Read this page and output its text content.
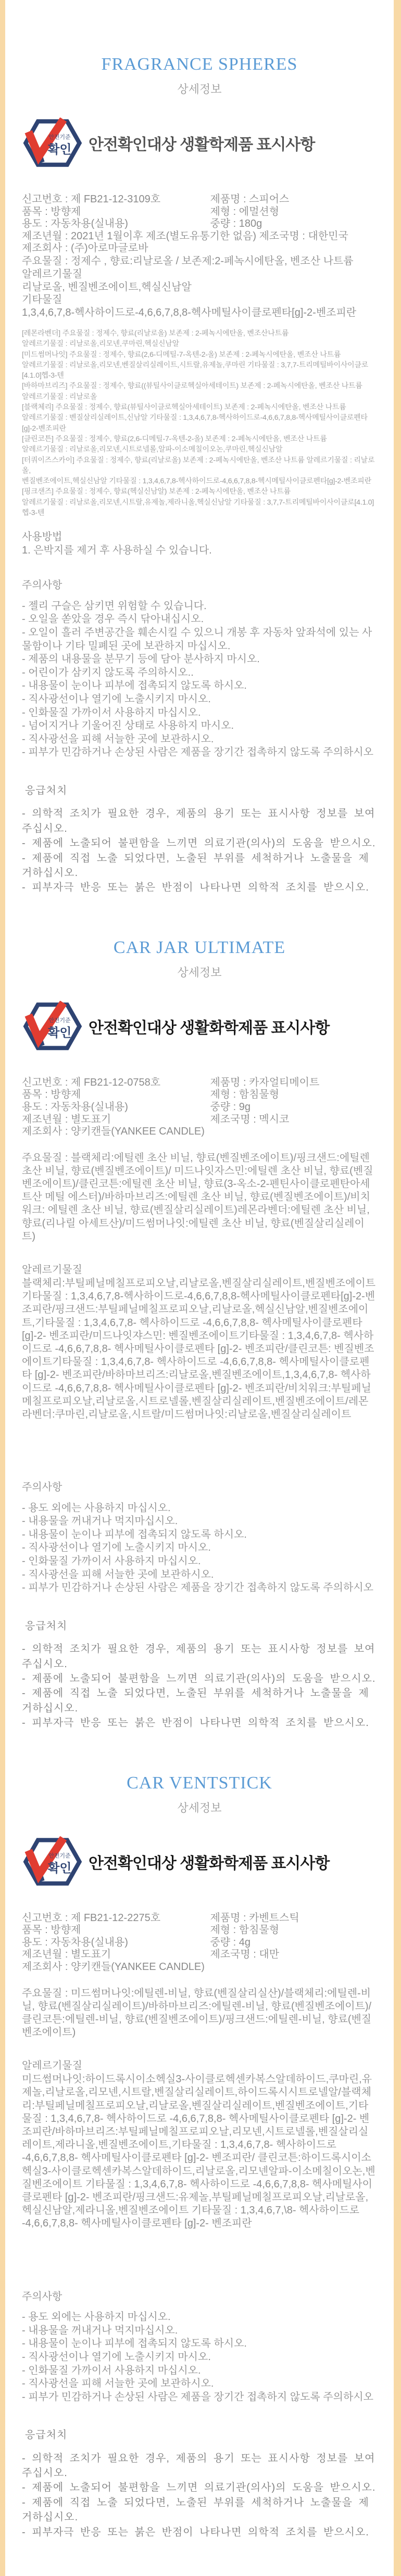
FRAGRANCE SPHERES
상세정보
안전기준
확인 안전확인대상 생활학제품 표시사항
신고번호 : 제 FB21-12-3109호	제품명 : 스피어스
품목 : 방향제	제형 : 에멀션형
용도 : 자동차용(실내용)	중량 : 180g
제조년월 : 2021년 1월이후 제조(별도유통기한 없음) 제조국명 : 대한민국
제조회사 : (주)아로마글로바
주요물질 : 정제수 , 향료:리날로올 / 보존제:2-페녹시에탄올, 벤조산 나트륨
알레르기물질
리날로올, 벤질벤조에이트,헥실신남알
기타물질
1,3,4,6,7,8-헥사하이드로-4,6,6,7,8,8-헥사메틸사이클로펜타[g]-2-벤조피란
[레몬라벤더] 주요물질 : 정제수, 향료(리날로올) 보존제 : 2-페녹시에탄올, 벤조산나트륨
알레르기물질 : 리날로올,리모넨,쿠마린,헥실신남알
[미드썸머나잇] 주요물질 : 정제수, 향료(2,6-디메틸-7-옥텐-2-올) 보존제 : 2-페녹시에탄올, 벤조산 나트륨
알레르기물질 : 리날로올,리모넨,벤질살리실레이트,시트랄,유제놀,쿠마린 기타물질 : 3,7,7-트리메틸바이사이클로[4.1.0]헵-3-텐
[바하마브리즈] 주요물질 : 정제수, 향료((뷰틸사이클로헥실아세테이트) 보존제 : 2-페녹시에탄올, 벤조산 나트륨
알레르기물질 : 리날로올
[블랙체리] 주요물질 : 정제수, 향료(뷰틸사이클로헥실아세테이트) 보존제 : 2-페녹시에탄올, 벤조산 나트륨
알레르기물질 : 벤질살리실레이트,신남알 기타물질 : 1,3,4,6,7,8-헥사하이드로-4,6,6,7,8,8-헥사메틸사이클로펜타[g]-2-벤조피란
[클린코튼] 주요물질 : 정제수, 향료(2,6-디메틸-7-옥텐-2-올) 보존제 : 2-페녹시에탄올, 벤조산 나트륨
알레르기물질 : 리날로올,리모넨,시트로넬롤,알파-이소메칠이오논,쿠마린,헥실신남알
[터쿼이즈스카이] 주요물질 : 정제수, 향료(리날로올) 보존제 : 2-페녹시에탄올, 벤조산 나트륨 알레르기물질 : 리날로올,
벤질벤조에이트,헥실신남알 기타물질 : 1,3,4,6,7,8-헥사하이드로-4,6,6,7,8,8-헥시메틸사이클로펜타[g]-2-벤조피란
[핑크샌즈] 주요물질 : 정제수, 향료(헥실신남알) 보존제 : 2-페녹시에탄올, 벤조산 나트륨
알레르기물질 : 리날로올,리모넨,시트랄,유제놀,제라니올,헥실신남알 기타물질 : 3,7,7-트리메틸바이사이클로[4.1.0]헵-3-텐
사용방법
1. 은박지를 제거 후 사용하실 수 있습니다.
주의사항
- 젤리 구슬은 삼키면 위험할 수 있습니다.
- 오일을 쏟았을 경우 즉시 닦아내십시오.
- 오일이 흘러 주변공간을 훼손시킬 수 있으니 개봉 후 자동차 앞좌석에 있는 사물함이나 기타 밀폐된 곳에 보관하지 마십시오.
- 제품의 내용물을 분무기 등에 담아 분사하지 마시오.
- 어린이가 삼키지 않도록 주의하시오..
- 내용물이 눈이나 피부에 접촉되지 않도록 하시오.
- 직사광선이나 열기에 노출시키지 마시오.
- 인화물질 가까이서 사용하지 마십시오.
- 넘어지거나 기울어진 상태로 사용하지 마시오.
- 직사광선을 피해 서늘한 곳에 보관하시오.
- 피부가 민감하거나 손상된 사람은 제품을 장기간 접촉하지 않도록 주의하시오
응급처치
- 의학적 조치가 필요한 경우, 제품의 용기 또는 표시사항 정보를 보여주십시오.
- 제품에 노출되어 불편함을 느끼면 의료기관(의사)의 도움을 받으시오.
- 제품에 직접 노출 되었다면, 노출된 부위를 세척하거나 노출물을 제거하십시오.
- 피부자극 반응 또는 붉은 반점이 나타나면 의학적 조치를 받으시오.
CAR JAR ULTIMATE
상세정보
안전기준
확인 안전확인대상 생활화학제품 표시사항
신고번호 : 제 FB21-12-0758호	제품명 : 카자얼티메이트
품목 : 방향제	제형 : 함침물형
용도 : 자동차용(실내용)	중량 : 9g
제조년월 : 별도표기	제조국명 : 멕시코
제조회사 : 양키캔들(YANKEE CANDLE)
주요물질 : 블랙체리:에틸렌 초산 비닐, 향료(벤질벤조에이트)/핑크샌드:에틸렌 초산 비닐, 향료(벤질벤조에이트)/ 미드나잇자스민:에틸렌 초산 비닐, 향료(벤질벤조에이트)/클린코튼:에틸렌 초산 비닐, 향료(3-옥소-2-펜틴사이클로펜탄아세트산 메틸 에스터)/바하마브리즈:에틸렌 초산 비닐, 향료(벤질벤조에이트)/비치워크: 에틸렌 초산 비닐, 향료(벤질살리실레이트)레몬라벤더:에틸렌 초산 비닐, 향료(리나릴 아세트산)/미드썸머나잇:에틸렌 초산 비닐, 향료(벤질살리실레이트)
알레르기물질
블랙체리:부틸페닐메칠프로피오날,리날로올,벤질살리실레이트,벤질벤조에이트 기타물질 : 1,3,4,6,7,8-헥사하이드로-4,6,6,7,8,8-헥사메틸사이클로펜타[g]-2-벤조피란/핑크샌드:부틸페닐메칠프로피오날,리날로올,헥실신남알,벤질벤조에이트,기타물질 : 1,3,4,6,7,8- 헥사하이드로 -4,6,6,7,8,8- 헥사메틸사이클로펜타 [g]-2- 벤조피란/미드나잇쟈스민: 벤질벤조에이트기타물질 : 1,3,4,6,7,8- 헥사하이드로 -4,6,6,7,8,8- 헥사메틸사이클로펜타 [g]-2- 벤조피란/클린코튼: 벤질벤조에이트기타물질 : 1,3,4,6,7,8- 헥사하이드로 -4,6,6,7,8,8- 헥사메틸사이클로펜타 [g]-2- 벤조피란/바하마브리즈:리날로올,벤질벤조에이트,1,3,4,6,7,8- 헥사하이드로 -4,6,6,7,8,8- 헥사메틸사이클로펜타 [g]-2- 벤조피란/비치워크:부틸페닐메칠프로피오날,리날로올,시트로넬롤,벤질살리실레이트,벤질벤조에이트/레몬라벤더:쿠마린,리날로올,시트랄/미드썸머나잇:리날로올,벤질살리실레이트
주의사항
- 용도 외에는 사용하지 마십시오.
- 내용물을 꺼내거나 먹지마십시오.
- 내용물이 눈이나 피부에 접촉되지 않도록 하시오.
- 직사광선이나 열기에 노출시키지 마시오.
- 인화물질 가까이서 사용하지 마십시오.
- 직사광선을 피해 서늘한 곳에 보관하시오.
- 피부가 민감하거나 손상된 사람은 제품을 장기간 접촉하지 않도록 주의하시오
응급처치
- 의학적 조치가 필요한 경우, 제품의 용기 또는 표시사항 정보를 보여주십시오.
- 제품에 노출되어 불편함을 느끼면 의료기관(의사)의 도움을 받으시오.
- 제품에 직접 노출 되었다면, 노출된 부위를 세척하거나 노출물을 제거하십시오.
- 피부자극 반응 또는 붉은 반점이 나타나면 의학적 조치를 받으시오.
CAR VENTSTICK
상세정보
안전기준
확인 안전확인대상 생활화학제품 표시사항
신고번호 : 제 FB21-12-2275호	제품명 : 카벤트스틱
품목 : 방향제	제형 : 함침물형
용도 : 자동차용(실내용)	중량 : 4g
제조년월 : 별도표기	제조국명 : 대만
제조회사 : 양키캔들(YANKEE CANDLE)
주요물질 : 미드썸머나잇:에틸렌-비닐, 향료(벤질살리실산)/블랙체리:에틸렌-비닐, 향료(벤질살리실레이트)/바하마브리즈:에틸렌-비닐, 향료(벤질벤조에이트)/ 클린코튼:에틸렌-비닐, 향료(벤질벤조에이트)/핑크샌드:에틸렌-비닐, 향료(벤질벤조에이트)
알레르기물질
미드썸머나잇:하이드록시이소헥실3-사이클로헥센카복스알데하이드,쿠마린,유제놀,리날로올,리모넨,시트랄,벤질살리실레이트,하이드록시시트로넬알/블랙체리:부틸페닐메칠프로피오날,리날로올,벤질살리실레이트,벤질벤조에이트,기타물질 : 1,3,4,6,7,8- 헥사하이드로 -4,6,6,7,8,8- 헥사메틸사이클로펜타 [g]-2- 벤조피란/바하마브리즈:부틸페닐메칠프로피오날,리모넨,시트로넬롤,벤질살리실레이트,제라니올,벤질벤조에이트,기타물질 : 1,3,4,6,7,8- 헥사하이드로 -4,6,6,7,8,8- 헥사메틸사이클로펜타 [g]-2- 벤조피란/ 클린코튼:하이드록시이소헥실3-사이클로헥센카복스알데하이드,리날로올,리모넨알파-이소메칠이오논,벤질벤조에이트 기타물질 : 1,3,4,6,7,8- 헥사하이드로 -4,6,6,7,8,8- 헥사메틸사이클로펜타 [g]-2- 벤조피란/핑크샌드:유제놀,부틸페닐메칠프로피오날,리날로올,헥실신남알,제라니올,벤질벤조에이트 기타물질 : 1,3,4,6,7,\8- 헥사하이드로 -4,6,6,7,8,8- 헥사메틸사이클로펜타 [g]-2- 벤조피란
주의사항
- 용도 외에는 사용하지 마십시오.
- 내용물을 꺼내거나 먹지마십시오.
- 내용물이 눈이나 피부에 접촉되지 않도록 하시오.
- 직사광선이나 열기에 노출시키지 마시오.
- 인화물질 가까이서 사용하지 마십시오.
- 직사광선을 피해 서늘한 곳에 보관하시오.
- 피부가 민감하거나 손상된 사람은 제품을 장기간 접촉하지 않도록 주의하시오
응급처치
- 의학적 조치가 필요한 경우, 제품의 용기 또는 표시사항 정보를 보여주십시오.
- 제품에 노출되어 불편함을 느끼면 의료기관(의사)의 도움을 받으시오.
- 제품에 직접 노출 되었다면, 노출된 부위를 세척하거나 노출물을 제거하십시오.
- 피부자극 반응 또는 붉은 반점이 나타나면 의학적 조치를 받으시오.
